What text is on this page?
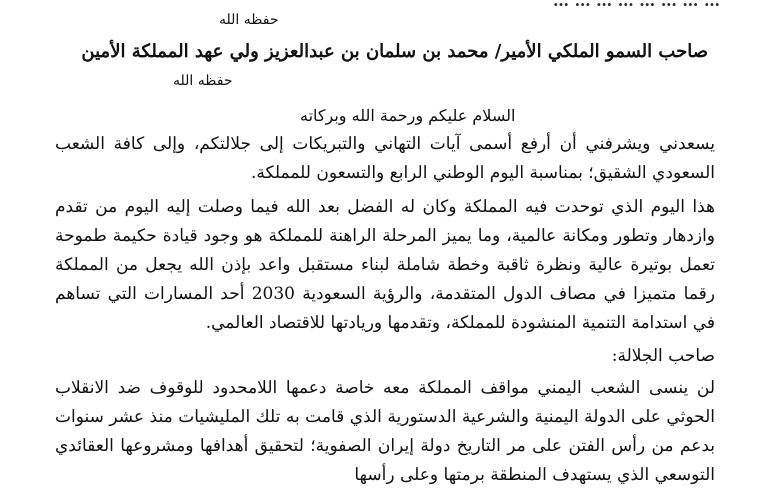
… … … … … … … …
حفظه الله
صاحب السمو الملكي الأمير/ محمد بن سلمان بن عبدالعزيز ولي عهد المملكة الأمين
حفظه الله
السلام عليكم ورحمة الله وبركاته
يسعدني ويشرفني أن أرفع أسمى آيات التهاني والتبريكات إلى جلالتكم، وإلى كافة الشعب السعودي الشقيق؛ بمناسبة اليوم الوطني الرابع والتسعون للمملكة.
هذا اليوم الذي توحدت فيه المملكة وكان له الفضل بعد الله فيما وصلت إليه اليوم من تقدم وازدهار وتطور ومكانة عالمية، وما يميز المرحلة الراهنة للمملكة هو وجود قيادة حكيمة طموحة تعمل بوتيرة عالية ونظرة ثاقبة وخطة شاملة لبناء مستقبل واعد بإذن الله يجعل من المملكة رقما متميزا في مصاف الدول المتقدمة، والرؤية السعودية 2030 أحد المسارات التي تساهم في استدامة التنمية المنشودة للمملكة، وتقدمها وريادتها للاقتصاد العالمي.
صاحب الجلالة:
لن ينسى الشعب اليمني مواقف المملكة معه خاصة دعمها اللامحدود للوقوف ضد الانقلاب الحوثي على الدولة اليمنية والشرعية الدستورية الذي قامت به تلك المليشيات منذ عشر سنوات بدعم من رأس الفتن على مر التاريخ دولة إيران الصفوية؛ لتحقيق أهدافها ومشروعها العقائدي التوسعي الذي يستهدف المنطقة برمتها وعلى رأسها
